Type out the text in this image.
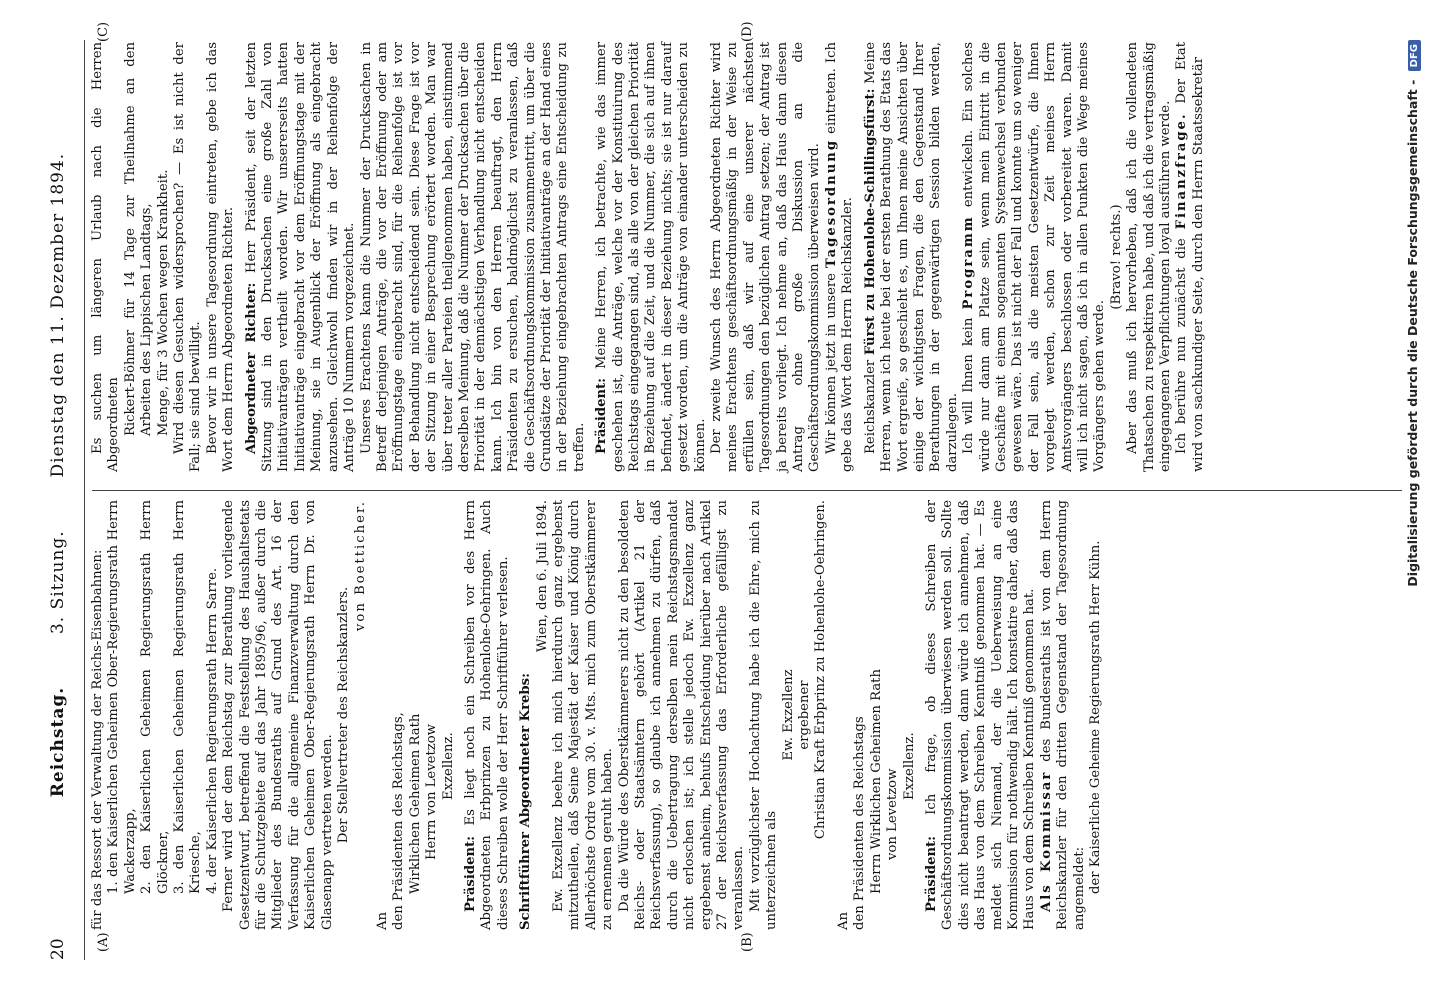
20
Reichstag.  3. Sitzung.  Dienstag den 11. Dezember 1894.
(A)	(B)
(C)	(D)

für das Ressort der Verwaltung der Reichs-Eisenbahnen: 1. den Kaiserlichen Geheimen Ober-Regierungsrath Herrn Wackerzapp, 2. den Kaiserlichen Geheimen Regierungsrath Herrn Glöckner, 3. den Kaiserlichen Geheimen Regierungsrath Herrn Kriesche, 4. der Kaiserlichen Regierungsrath Herrn Sarre. Ferner wird der dem Reichstag zur Berathung vorliegende Gesetzentwurf, betreffend die Feststellung des Haushaltsetats für die Schutzgebiete auf das Jahr 1895/96, außer durch die Mitglieder des Bundesraths auf Grund des Art. 16 der Verfassung für die allgemeine Finanzverwaltung durch den Kaiserlichen Geheimen Ober-Regierungsrath Herrn Dr. von Glasenapp vertreten werden. Der Stellvertreter des Reichskanzlers.

von Boetticher.

An den Präsidenten des Reichstags, Wirklichen Geheimen Rath Herrn von Levetzow Exzellenz.

Präsident: Es liegt noch ein Schreiben vor des Herrn Abgeordneten Erbprinzen zu Hohenlohe-Oehringen. Auch dieses Schreiben wolle der Herr Schriftführer verlesen. Schriftführer Abgeordneter Krebs:

Wien, den 6. Juli 1894. Ew. Exzellenz beehre ich mich hierdurch ganz ergebenst mitzutheilen, daß Seine Majestät der Kaiser und König durch Allerhöchste Ordre vom 30. v. Mts. mich zum Oberstkämmerer zu ernennen geruht haben. Da die Würde des Oberstkämmerers nicht zu den besoldeten Reichs- oder Staatsämtern gehört (Artikel 21 der Reichsverfassung), so glaube ich annehmen zu dürfen, daß durch die Uebertragung derselben mein Reichstagsmandat nicht erloschen ist; ich stelle jedoch Ew. Exzellenz ganz ergebenst anheim, behufs Entscheidung hierüber nach Artikel 27 der Reichsverfassung das Erforderliche gefälligst zu veranlassen. Mit vorzüglichster Hochachtung habe ich die Ehre, mich zu unterzeichnen als

Ew. Exzellenz ergebener Christian Kraft Erbprinz zu Hohenlohe-Oehringen.

An den Präsidenten des Reichstags Herrn Wirklichen Geheimen Rath von Levetzow

Exzellenz.

Präsident: Ich frage, ob dieses Schreiben der Geschäftsordnungskommission überwiesen werden soll. Sollte dies nicht beantragt werden, dann würde ich annehmen, daß das Haus von dem Schreiben Kenntniß genommen hat. — Es meldet sich Niemand, der die Ueberweisung an eine Kommission für nothwendig hält. Ich konstatire daher, daß das Haus von dem Schreiben Kenntniß genommen hat. Als Kommissar des Bundesraths ist von dem Herrn Reichskanzler für den dritten Gegenstand der Tagesordnung angemeldet: der Kaiserliche Geheime Regierungsrath Herr Kühn.

Es suchen um längeren Urlaub nach die Herren Abgeordneten Rickert-Böhmer für 14 Tage zur Theilnahme an den Arbeiten des Lippischen Landtags, Menge, für 3 Wochen wegen Krankheit. Wird diesen Gesuchen widersprochen? — Es ist nicht der Fall; sie sind bewilligt. Bevor wir in unsere Tagesordnung eintreten, gebe ich das Wort dem Herrn Abgeordneten Richter. Abgeordneter Richter: Herr Präsident, seit der letzten Sitzung sind in den Drucksachen eine große Zahl von Initiativanträgen vertheilt worden. Wir unsererseits hatten Initiativanträge eingebracht vor dem Eröffnungstage mit der Meinung, sie in Augenblick der Eröffnung als eingebracht anzusehen. Gleichwohl finden wir in der Reihenfolge der Anträge 10 Nummern vorgezeichnet. Unseres Erachtens kann die Nummer der Drucksachen in Betreff derjenigen Anträge, die vor der Eröffnung oder am Eröffnungstage eingebracht sind, für die Reihenfolge ist vor der Behandlung nicht entscheidend sein. Diese Frage ist vor der Sitzung in einer Besprechung erörtert worden. Man war über treter aller Parteien theilgenommen haben, einstimmend derselben Meinung, daß die Nummer der Drucksachen über die Priorität in der demnächstigen Verhandlung nicht entscheiden kann. Ich bin von den Herren beauftragt, den Herrn Präsidenten zu ersuchen, baldmöglichst zu veranlassen, daß die Geschäftsordnungskommission zusammentritt, um über die Grundsätze der Priorität der Initiativanträge an der Hand eines in der Beziehung eingebrachten Antrags eine Entscheidung zu treffen. Präsident: Meine Herren, ich betrachte, wie das immer geschehen ist, die Anträge, welche vor der Konstituirung des Reichstags eingegangen sind, als alle von der gleichen Priorität in Beziehung auf die Zeit, und die Nummer, die sich auf ihnen befindet, ändert in dieser Beziehung nichts; sie ist nur darauf gesetzt worden, um die Anträge von einander unterscheiden zu können. Der zweite Wunsch des Herrn Abgeordneten Richter wird meines Erachtens geschäftsordnungsmäßig in der Weise zu erfüllen sein, daß wir auf eine unserer nächsten Tagesordnungen den bezüglichen Antrag setzen; der Antrag ist ja bereits vorliegt. Ich nehme an, daß das Haus dann diesen Antrag ohne große Diskussion an die Geschäftsordnungskommission überweisen wird. Wir können jetzt in unsere Tagesordnung eintreten. Ich gebe das Wort dem Herrn Reichskanzler. Reichskanzler Fürst zu Hohenlohe-Schillingsfürst: Meine Herren, wenn ich heute bei der ersten Berathung des Etats das Wort ergreife, so geschieht es, um Ihnen meine Ansichten über einige der wichtigsten Fragen, die den Gegenstand Ihrer Berathungen in der gegenwärtigen Session bilden werden, darzulegen. Ich will Ihnen kein Programm entwickeln. Ein solches würde nur dann am Platze sein, wenn mein Eintritt in die Geschäfte mit einem sogenannten Systemwechsel verbunden gewesen wäre. Das ist nicht der Fall und konnte um so weniger der Fall sein, als die meisten Gesetzentwürfe, die Ihnen vorgelegt werden, schon zur Zeit meines Herrn Amtsvorgängers beschlossen oder vorbereitet waren. Damit will ich nicht sagen, daß ich in allen Punkten die Wege meines Vorgängers gehen werde.

(Bravo! rechts.) Aber das muß ich hervorheben, daß ich die vollendeten Thatsachen zu respektiren habe, und daß ich die vertragsmäßig eingegangenen Verpflichtungen loyal ausführen werde. Ich berühre nun zunächst die Finanzfrage. Der Etat wird von sachkundiger Seite, durch den Herrn Staatssekretär	Digitalisierung gefördert durch die Deutsche Forschungsgemeinschaft - DFG
